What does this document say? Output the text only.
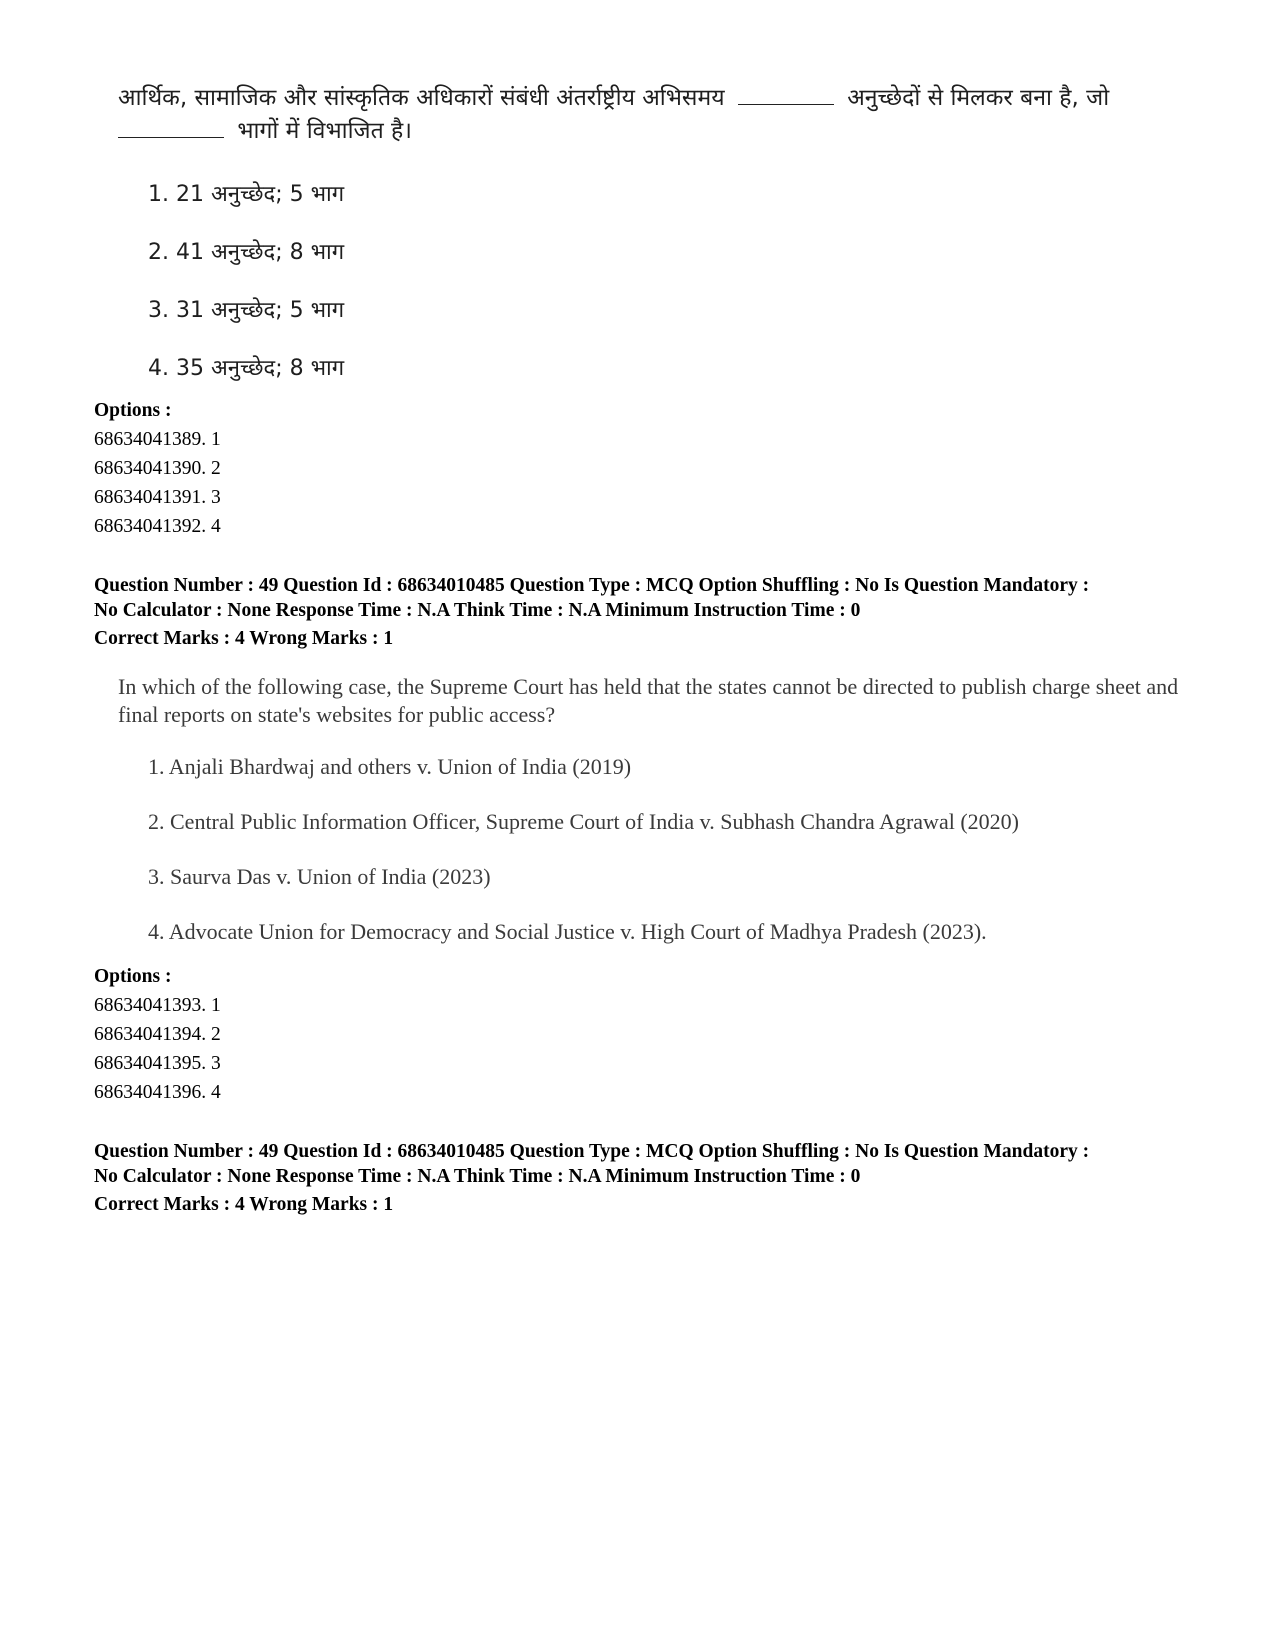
आर्थिक, सामाजिक और सांस्कृतिक अधिकारों संबंधी अंतर्राष्ट्रीय अभिसमय	अनुच्छेदों से मिलकर बना है, जो
भागों में विभाजित है।
1. 21 अनुच्छेद; 5 भाग
2. 41 अनुच्छेद; 8 भाग
3. 31 अनुच्छेद; 5 भाग
4. 35 अनुच्छेद; 8 भाग
Options :
68634041389. 1
68634041390. 2
68634041391. 3
68634041392. 4
Question Number : 49 Question Id : 68634010485 Question Type : MCQ Option Shuffling : No Is Question Mandatory :
No Calculator : None Response Time : N.A Think Time : N.A Minimum Instruction Time : 0
Correct Marks : 4 Wrong Marks : 1
In which of the following case, the Supreme Court has held that the states cannot be directed to publish charge sheet and final reports on state's websites for public access?
1. Anjali Bhardwaj and others v. Union of India (2019)
2. Central Public Information Officer, Supreme Court of India v. Subhash Chandra Agrawal (2020)
3. Saurva Das v. Union of India (2023)
4. Advocate Union for Democracy and Social Justice v. High Court of Madhya Pradesh (2023).
Options :
68634041393. 1
68634041394. 2
68634041395. 3
68634041396. 4
Question Number : 49 Question Id : 68634010485 Question Type : MCQ Option Shuffling : No Is Question Mandatory :
No Calculator : None Response Time : N.A Think Time : N.A Minimum Instruction Time : 0
Correct Marks : 4 Wrong Marks : 1
